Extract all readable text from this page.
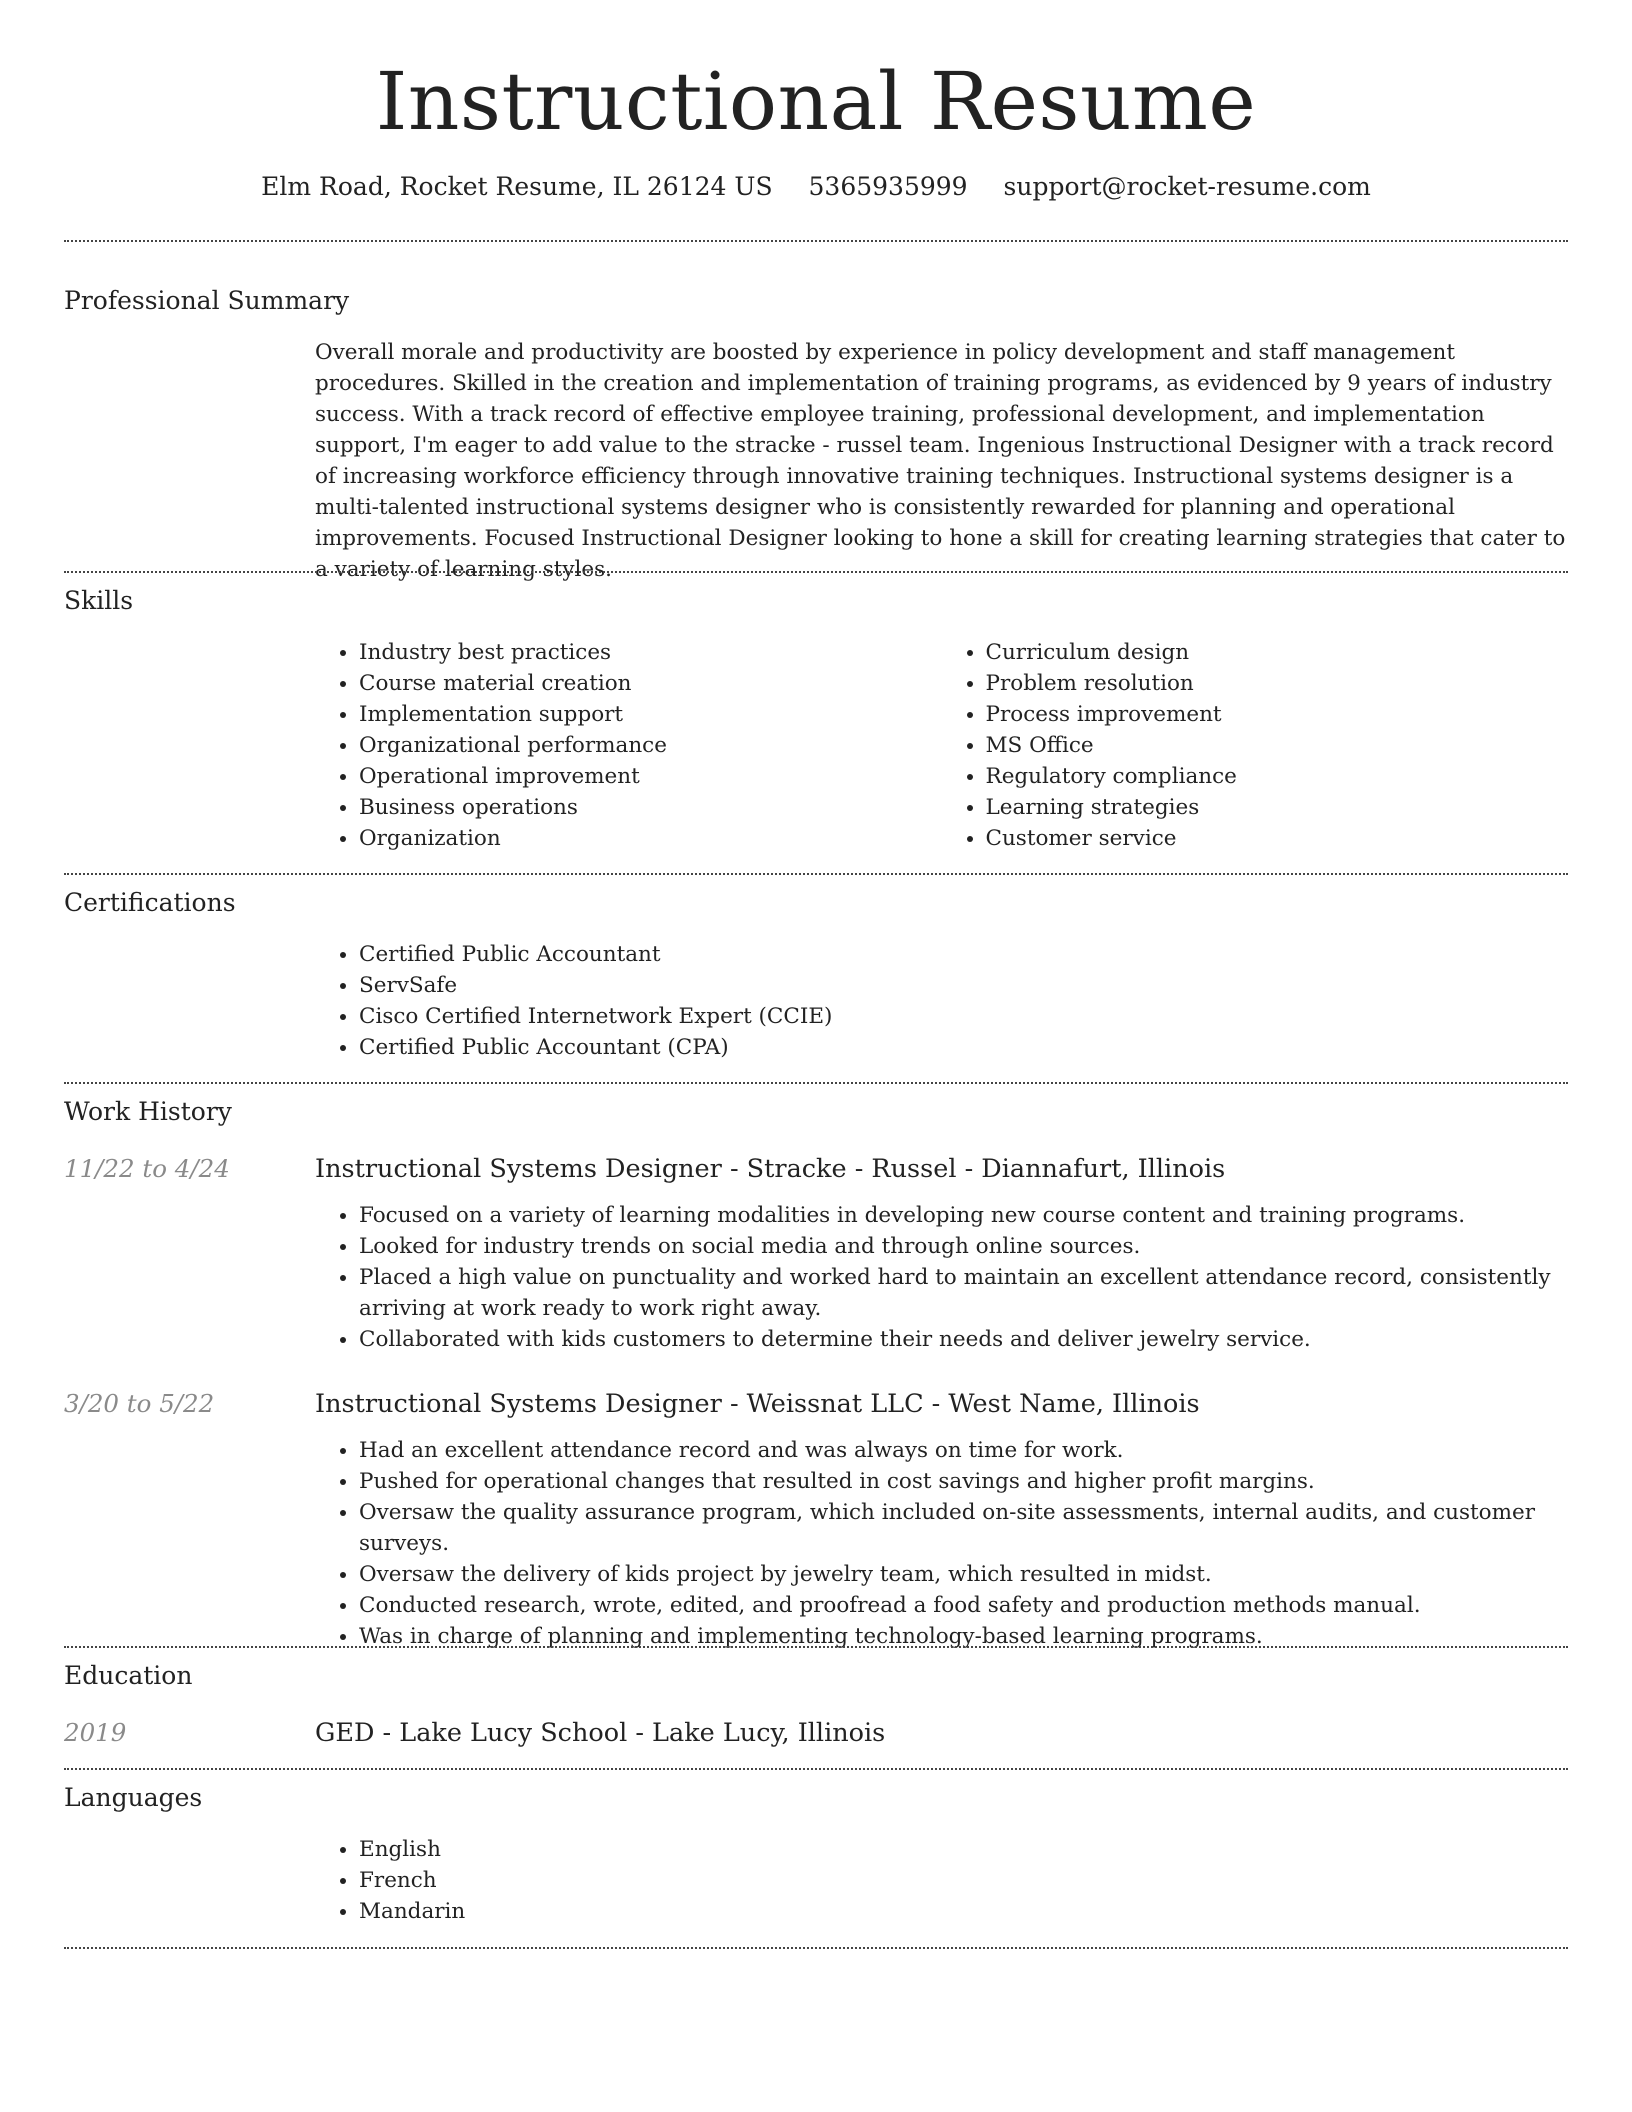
Instructional Resume
Elm Road, Rocket Resume, IL 26124 US 5365935999 support@rocket-resume.com
Professional Summary
Overall morale and productivity are boosted by experience in policy development and staff management procedures. Skilled in the creation and implementation of training programs, as evidenced by 9 years of industry success. With a track record of effective employee training, professional development, and implementation support, I'm eager to add value to the stracke - russel team. Ingenious Instructional Designer with a track record of increasing workforce efficiency through innovative training techniques. Instructional systems designer is a multi-talented instructional systems designer who is consistently rewarded for planning and operational improvements. Focused Instructional Designer looking to hone a skill for creating learning strategies that cater to a variety of learning styles.
Skills
• Industry best practices
• Course material creation
• Implementation support
• Organizational performance
• Operational improvement
• Business operations
• Organization
• Curriculum design
• Problem resolution
• Process improvement
• MS Office
• Regulatory compliance
• Learning strategies
• Customer service
Certifications
• Certified Public Accountant
• ServSafe
• Cisco Certified Internetwork Expert (CCIE)
• Certified Public Accountant (CPA)
Work History
11/22 to 4/24	Instructional Systems Designer - Stracke - Russel - Diannafurt, Illinois
• Focused on a variety of learning modalities in developing new course content and training programs.
• Looked for industry trends on social media and through online sources.
• Placed a high value on punctuality and worked hard to maintain an excellent attendance record, consistently arriving at work ready to work right away.
• Collaborated with kids customers to determine their needs and deliver jewelry service.
3/20 to 5/22	Instructional Systems Designer - Weissnat LLC - West Name, Illinois
• Had an excellent attendance record and was always on time for work.
• Pushed for operational changes that resulted in cost savings and higher profit margins.
• Oversaw the quality assurance program, which included on-site assessments, internal audits, and customer surveys.
• Oversaw the delivery of kids project by jewelry team, which resulted in midst.
• Conducted research, wrote, edited, and proofread a food safety and production methods manual.
• Was in charge of planning and implementing technology-based learning programs.
Education
2019	GED - Lake Lucy School - Lake Lucy, Illinois
Languages
• English
• French
• Mandarin
